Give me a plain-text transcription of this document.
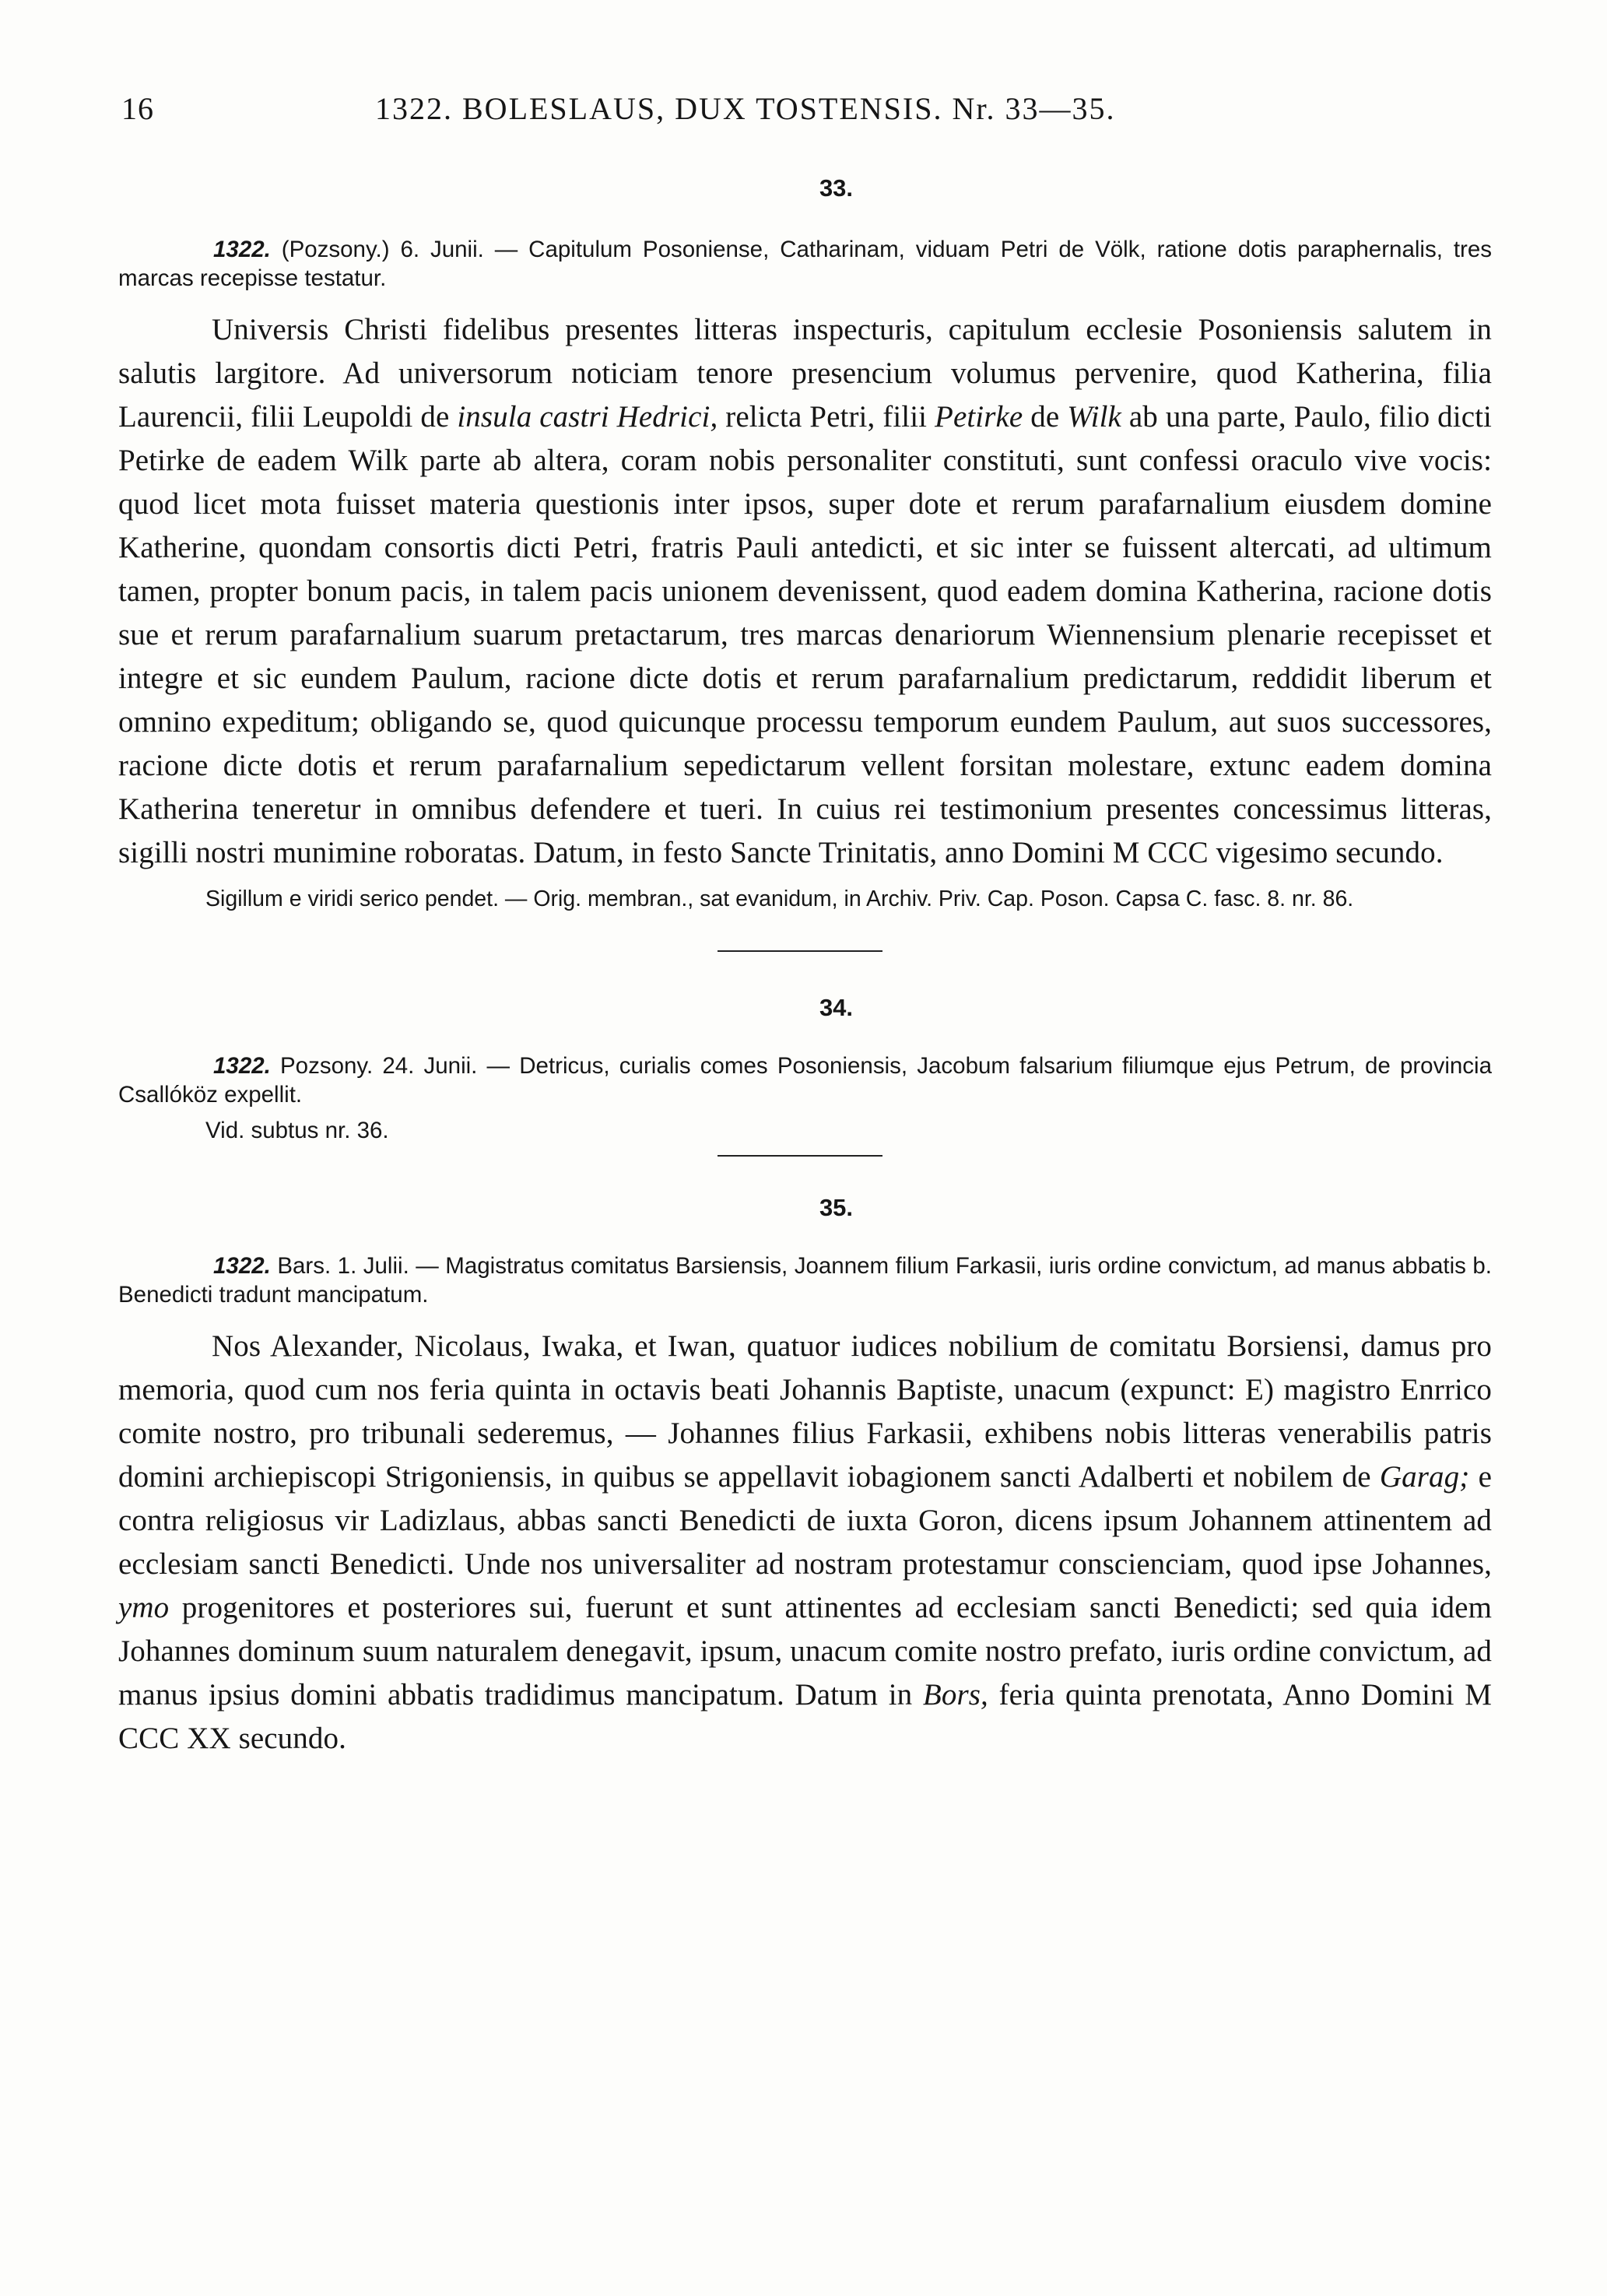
16	1322. BOLESLAUS, DUX TOSTENSIS. Nr. 33—35.
33.

1322. (Pozsony.) 6. Junii. — Capitulum Posoniense, Catharinam, viduam Petri de Völk, ratione dotis paraphernalis, tres marcas recepisse testatur.

Universis Christi fidelibus presentes litteras inspecturis, capitulum ecclesie Posoniensis salutem in salutis largitore. Ad universorum noticiam tenore presencium volumus pervenire, quod Katherina, filia Laurencii, filii Leupoldi de insula castri Hedrici, relicta Petri, filii Petirke de Wilk ab una parte, Paulo, filio dicti Petirke de eadem Wilk parte ab altera, coram nobis personaliter constituti, sunt confessi oraculo vive vocis: quod licet mota fuisset materia questionis inter ipsos, super dote et rerum parafarnalium eiusdem domine Katherine, quondam consortis dicti Petri, fratris Pauli antedicti, et sic inter se fuissent altercati, ad ultimum tamen, propter bonum pacis, in talem pacis unionem devenissent, quod eadem domina Katherina, racione dotis sue et rerum parafarnalium suarum pretactarum, tres marcas denariorum Wiennensium plenarie recepisset et integre et sic eundem Paulum, racione dicte dotis et rerum parafarnalium predictarum, reddidit liberum et omnino expeditum; obligando se, quod quicunque processu temporum eundem Paulum, aut suos successores, racione dicte dotis et rerum parafarnalium sepedictarum vellent forsitan molestare, extunc eadem domina Katherina teneretur in omnibus defendere et tueri. In cuius rei testimonium presentes concessimus litteras, sigilli nostri munimine roboratas. Datum, in festo Sancte Trinitatis, anno Domini M CCC vigesimo secundo.

Sigillum e viridi serico pendet. — Orig. membran., sat evanidum, in Archiv. Priv. Cap. Poson. Capsa C. fasc. 8. nr. 86.

34.

1322. Pozsony. 24. Junii. — Detricus, curialis comes Posoniensis, Jacobum falsarium filiumque ejus Petrum, de provincia Csallóköz expellit.

Vid. subtus nr. 36.

35.

1322. Bars. 1. Julii. — Magistratus comitatus Barsiensis, Joannem filium Farkasii, iuris ordine convictum, ad manus abbatis b. Benedicti tradunt mancipatum.

Nos Alexander, Nicolaus, Iwaka, et Iwan, quatuor iudices nobilium de comitatu Borsiensi, damus pro memoria, quod cum nos feria quinta in octavis beati Johannis Baptiste, unacum (expunct: E) magistro Enrrico comite nostro, pro tribunali sederemus, — Johannes filius Farkasii, exhibens nobis litteras venerabilis patris domini archiepiscopi Strigoniensis, in quibus se appellavit iobagionem sancti Adalberti et nobilem de Garag; e contra religiosus vir Ladizlaus, abbas sancti Benedicti de iuxta Goron, dicens ipsum Johannem attinentem ad ecclesiam sancti Benedicti. Unde nos universaliter ad nostram protestamur conscienciam, quod ipse Johannes, ymo progenitores et posteriores sui, fuerunt et sunt attinentes ad ecclesiam sancti Benedicti; sed quia idem Johannes dominum suum naturalem denegavit, ipsum, unacum comite nostro prefato, iuris ordine convictum, ad manus ipsius domini abbatis tradidimus mancipatum. Datum in Bors, feria quinta prenotata, Anno Domini M CCC XX secundo.
